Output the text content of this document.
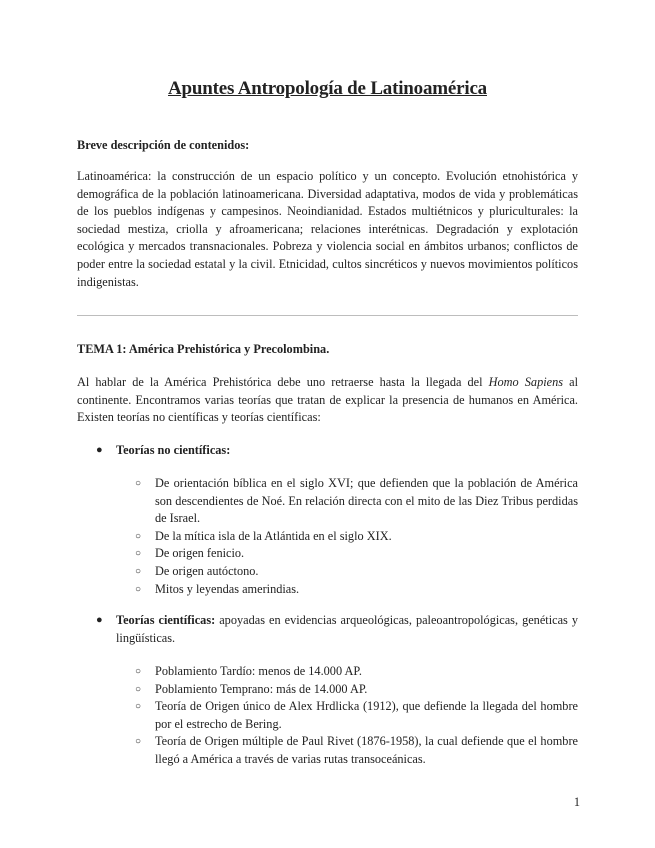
Apuntes Antropología de Latinoamérica
Breve descripción de contenidos:
Latinoamérica: la construcción de un espacio político y un concepto. Evolución etnohistórica y demográfica de la población latinoamericana. Diversidad adaptativa, modos de vida y problemáticas de los pueblos indígenas y campesinos. Neoindianidad. Estados multiétnicos y pluriculturales: la sociedad mestiza, criolla y afroamericana; relaciones interétnicas. Degradación y explotación ecológica y mercados transnacionales. Pobreza y violencia social en ámbitos urbanos; conflictos de poder entre la sociedad estatal y la civil. Etnicidad, cultos sincréticos y nuevos movimientos políticos indigenistas.
TEMA 1: América Prehistórica y Precolombina.
Al hablar de la América Prehistórica debe uno retraerse hasta la llegada del Homo Sapiens al continente. Encontramos varias teorías que tratan de explicar la presencia de humanos en América. Existen teorías no científicas y teorías científicas:
●	Teorías no científicas:
○ De orientación bíblica en el siglo XVI; que defienden que la población de América son descendientes de Noé. En relación directa con el mito de las Diez Tribus perdidas de Israel.
○ De la mítica isla de la Atlántida en el siglo XIX.
○ De origen fenicio.
○ De origen autóctono.
○ Mitos y leyendas amerindias.
●	Teorías científicas: apoyadas en evidencias arqueológicas, paleoantropológicas, genéticas y lingüísticas.
○ Poblamiento Tardío: menos de 14.000 AP.
○ Poblamiento Temprano: más de 14.000 AP.
○ Teoría de Origen único de Alex Hrdlicka (1912), que defiende la llegada del hombre por el estrecho de Bering.
○ Teoría de Origen múltiple de Paul Rivet (1876-1958), la cual defiende que el hombre llegó a América a través de varias rutas transoceánicas.
1
